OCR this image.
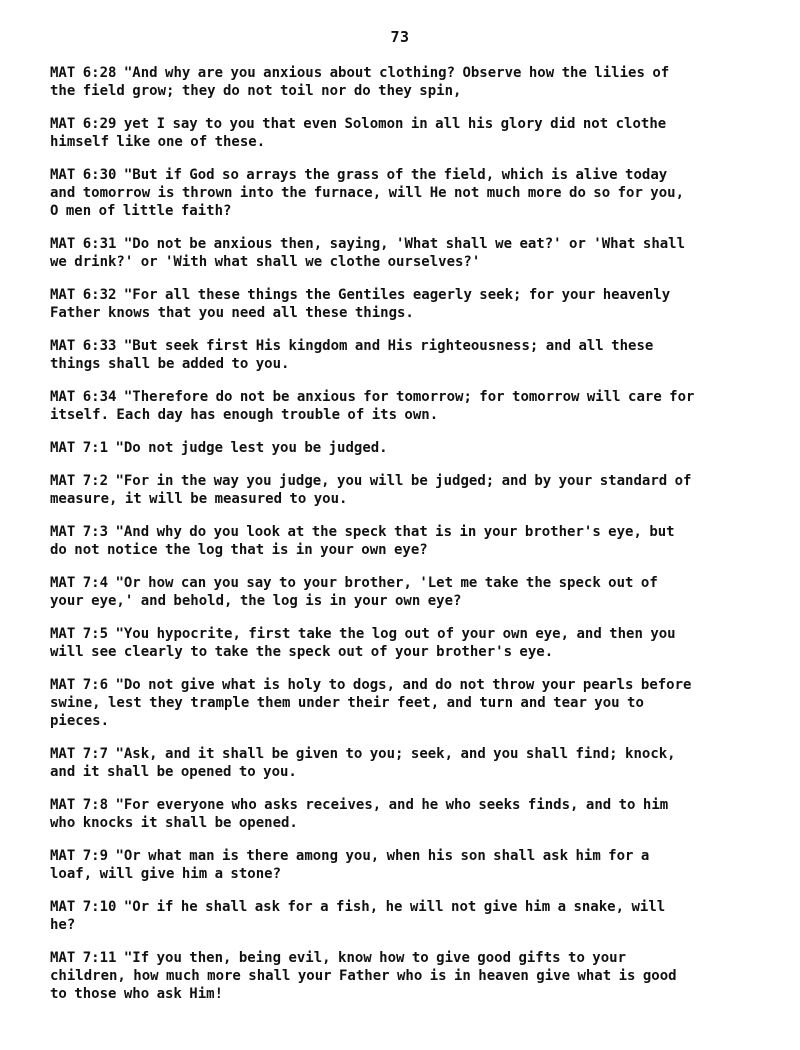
73

MAT 6:28 "And why are you anxious about clothing? Observe how the lilies of
the field grow; they do not toil nor do they spin,

MAT 6:29 yet I say to you that even Solomon in all his glory did not clothe
himself like one of these.

MAT 6:30 "But if God so arrays the grass of the field, which is alive today
and tomorrow is thrown into the furnace, will He not much more do so for you,
O men of little faith?

MAT 6:31 "Do not be anxious then, saying, 'What shall we eat?' or 'What shall
we drink?' or 'With what shall we clothe ourselves?'

MAT 6:32 "For all these things the Gentiles eagerly seek; for your heavenly
Father knows that you need all these things.

MAT 6:33 "But seek first His kingdom and His righteousness; and all these
things shall be added to you.

MAT 6:34 "Therefore do not be anxious for tomorrow; for tomorrow will care for
itself. Each day has enough trouble of its own.

MAT 7:1 "Do not judge lest you be judged.

MAT 7:2 "For in the way you judge, you will be judged; and by your standard of
measure, it will be measured to you.

MAT 7:3 "And why do you look at the speck that is in your brother's eye, but
do not notice the log that is in your own eye?

MAT 7:4 "Or how can you say to your brother, 'Let me take the speck out of
your eye,' and behold, the log is in your own eye?

MAT 7:5 "You hypocrite, first take the log out of your own eye, and then you
will see clearly to take the speck out of your brother's eye.

MAT 7:6 "Do not give what is holy to dogs, and do not throw your pearls before
swine, lest they trample them under their feet, and turn and tear you to
pieces.

MAT 7:7 "Ask, and it shall be given to you; seek, and you shall find; knock,
and it shall be opened to you.

MAT 7:8 "For everyone who asks receives, and he who seeks finds, and to him
who knocks it shall be opened.

MAT 7:9 "Or what man is there among you, when his son shall ask him for a
loaf, will give him a stone?

MAT 7:10 "Or if he shall ask for a fish, he will not give him a snake, will
he?

MAT 7:11 "If you then, being evil, know how to give good gifts to your
children, how much more shall your Father who is in heaven give what is good
to those who ask Him!
